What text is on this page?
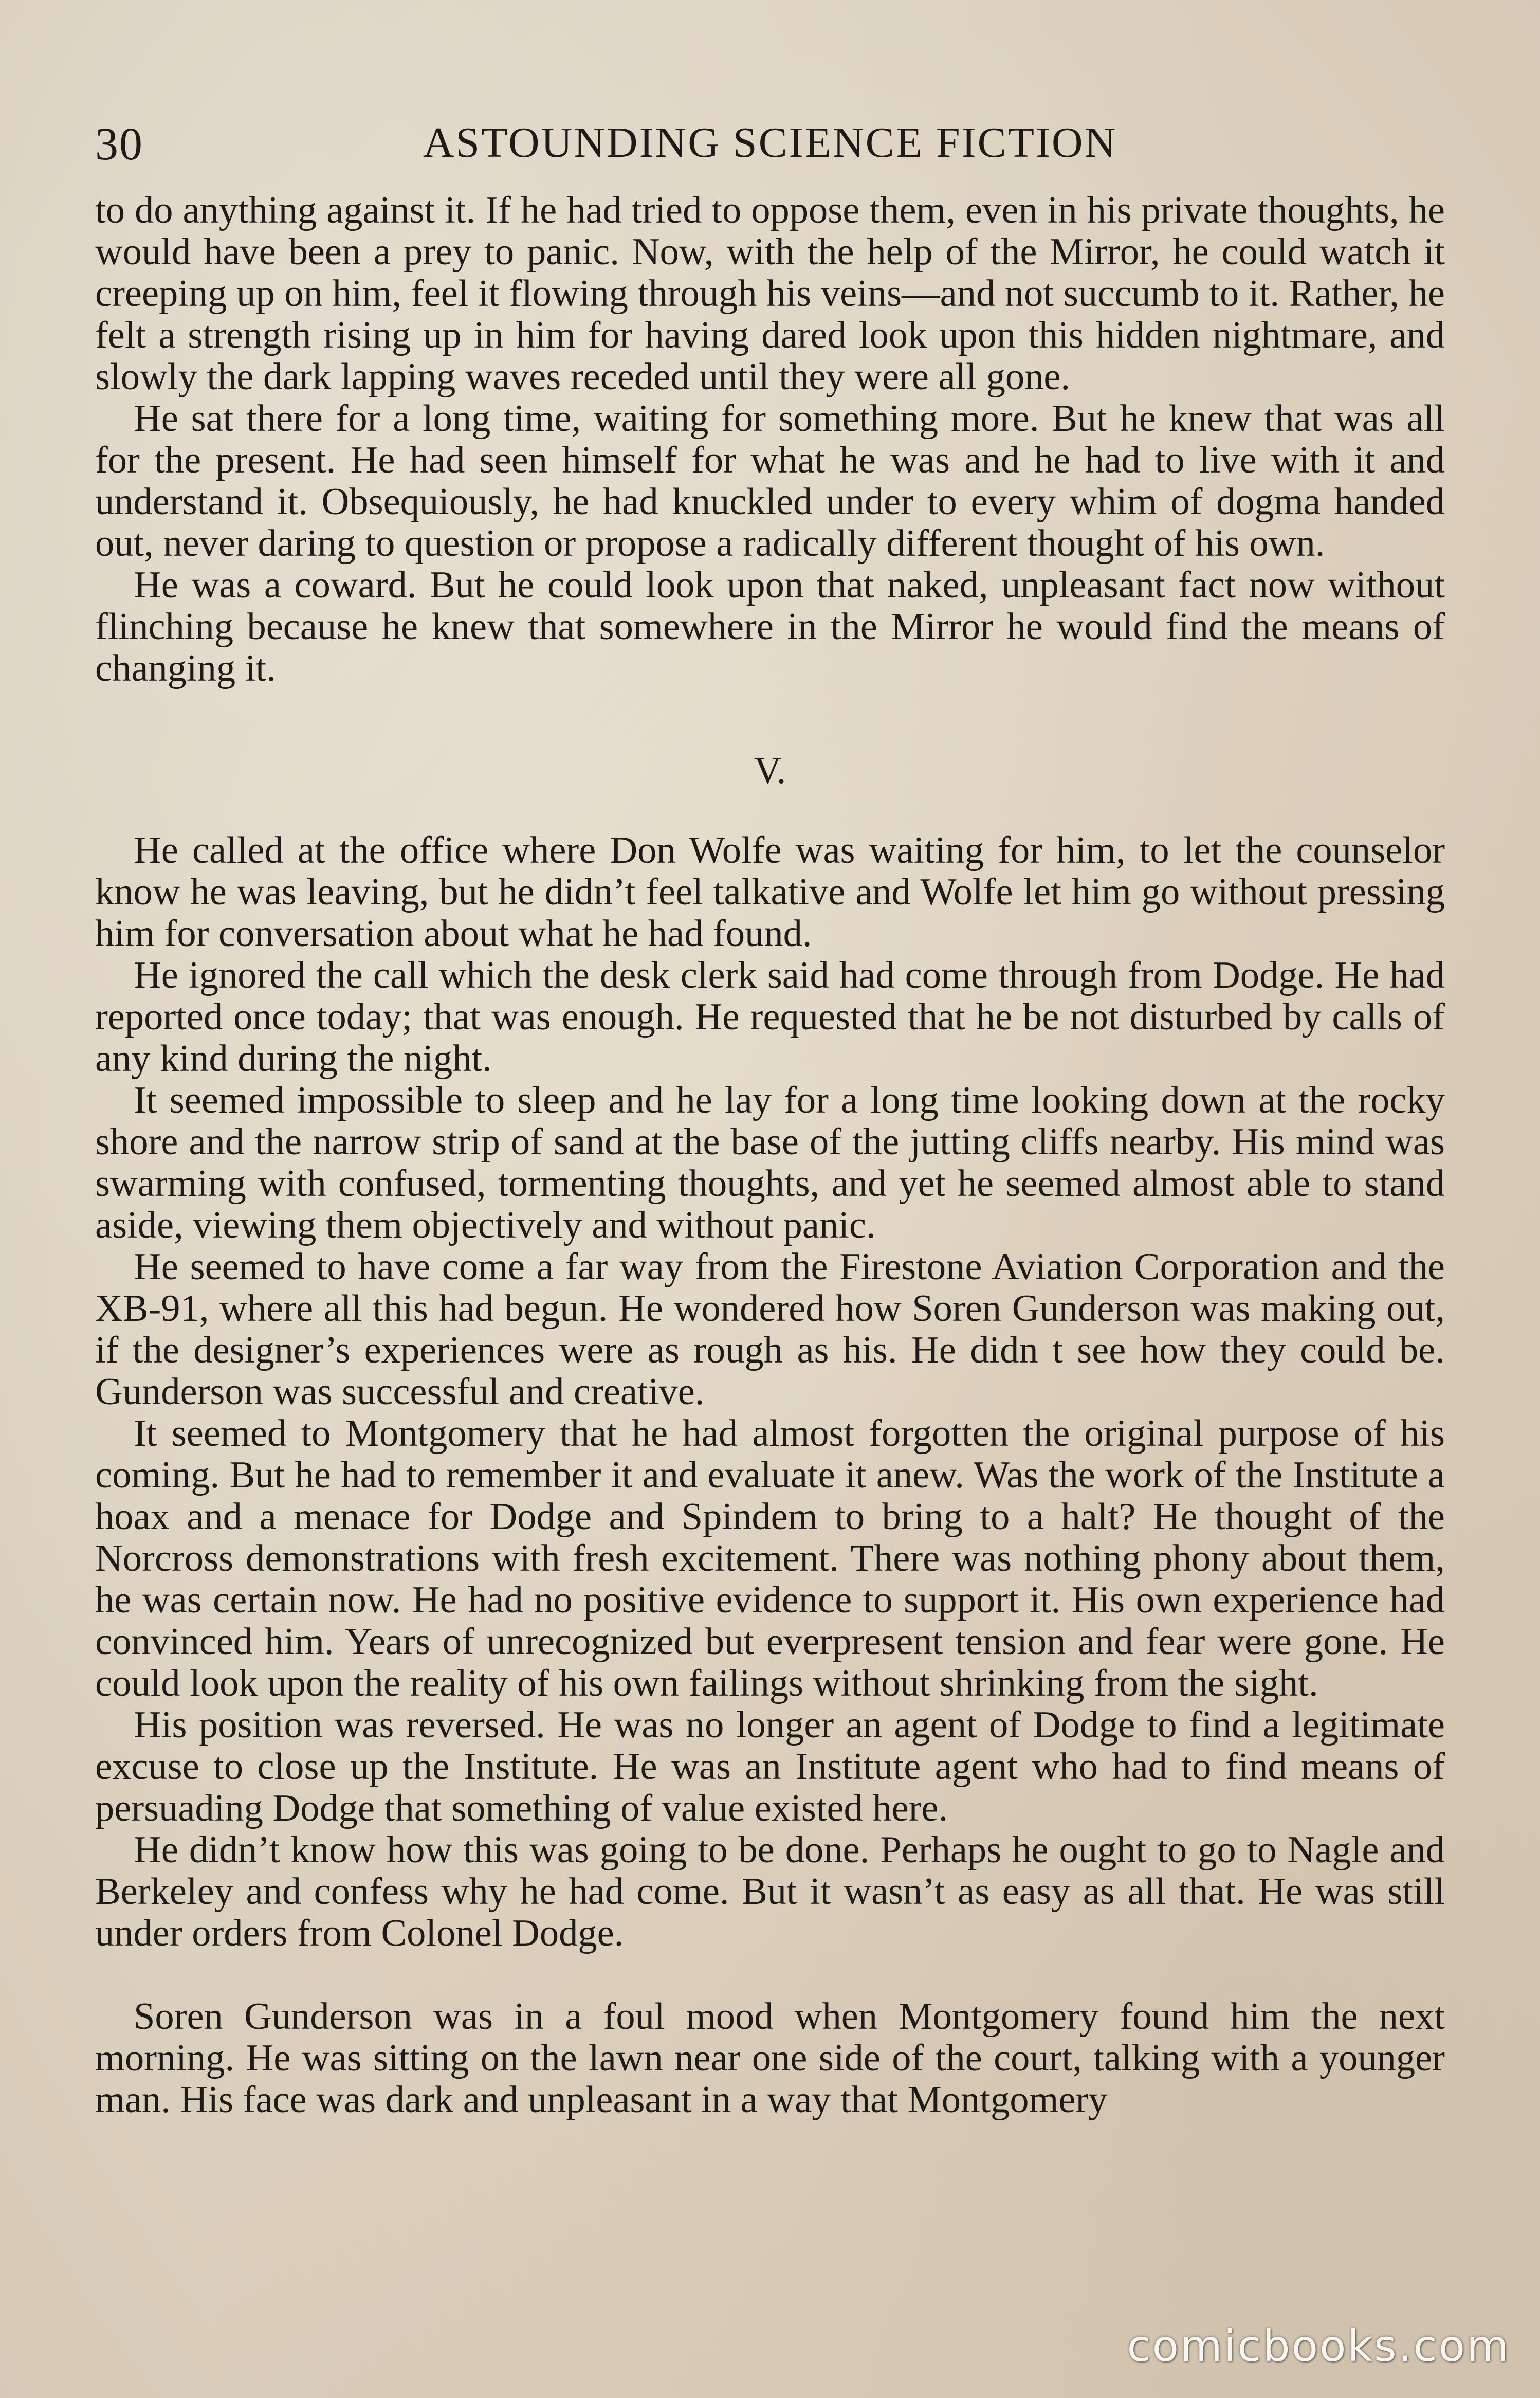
30	ASTOUNDING SCIENCE FICTION

to do anything against it. If he had tried to oppose them, even in his private thoughts, he would have been a prey to panic. Now, with the help of the Mirror, he could watch it creeping up on him, feel it flowing through his veins—and not succumb to it. Rather, he felt a strength rising up in him for having dared look upon this hidden nightmare, and slowly the dark lapping waves receded until they were all gone.

He sat there for a long time, waiting for something more. But he knew that was all for the present. He had seen himself for what he was and he had to live with it and understand it. Obsequiously, he had knuckled under to every whim of dogma handed out, never daring to question or propose a radically different thought of his own.

He was a coward. But he could look upon that naked, unpleasant fact now without flinching because he knew that somewhere in the Mirror he would find the means of changing it.

V.

He called at the office where Don Wolfe was waiting for him, to let the counselor know he was leaving, but he didn’t feel talkative and Wolfe let him go without pressing him for conversation about what he had found.

He ignored the call which the desk clerk said had come through from Dodge. He had reported once today; that was enough. He requested that he be not disturbed by calls of any kind during the night.

It seemed impossible to sleep and he lay for a long time looking down at the rocky shore and the narrow strip of sand at the base of the jutting cliffs nearby. His mind was swarming with confused, tormenting thoughts, and yet he seemed almost able to stand aside, viewing them objectively and without panic.

He seemed to have come a far way from the Firestone Aviation Corporation and the XB-91, where all this had begun. He wondered how Soren Gunderson was making out, if the designer’s experiences were as rough as his. He didn t see how they could be. Gunderson was successful and creative.

It seemed to Montgomery that he had almost forgotten the original purpose of his coming. But he had to remember it and evaluate it anew. Was the work of the Institute a hoax and a menace for Dodge and Spindem to bring to a halt? He thought of the Norcross demonstrations with fresh excitement. There was nothing phony about them, he was certain now. He had no positive evidence to support it. His own experience had convinced him. Years of unrecognized but everpresent tension and fear were gone. He could look upon the reality of his own failings without shrinking from the sight.

His position was reversed. He was no longer an agent of Dodge to find a legitimate excuse to close up the Institute. He was an Institute agent who had to find means of persuading Dodge that something of value existed here.

He didn’t know how this was going to be done. Perhaps he ought to go to Nagle and Berkeley and confess why he had come. But it wasn’t as easy as all that. He was still under orders from Colonel Dodge.

Soren Gunderson was in a foul mood when Montgomery found him the next morning. He was sitting on the lawn near one side of the court, talking with a younger man. His face was dark and unpleasant in a way that Montgomery

comicbooks.com
